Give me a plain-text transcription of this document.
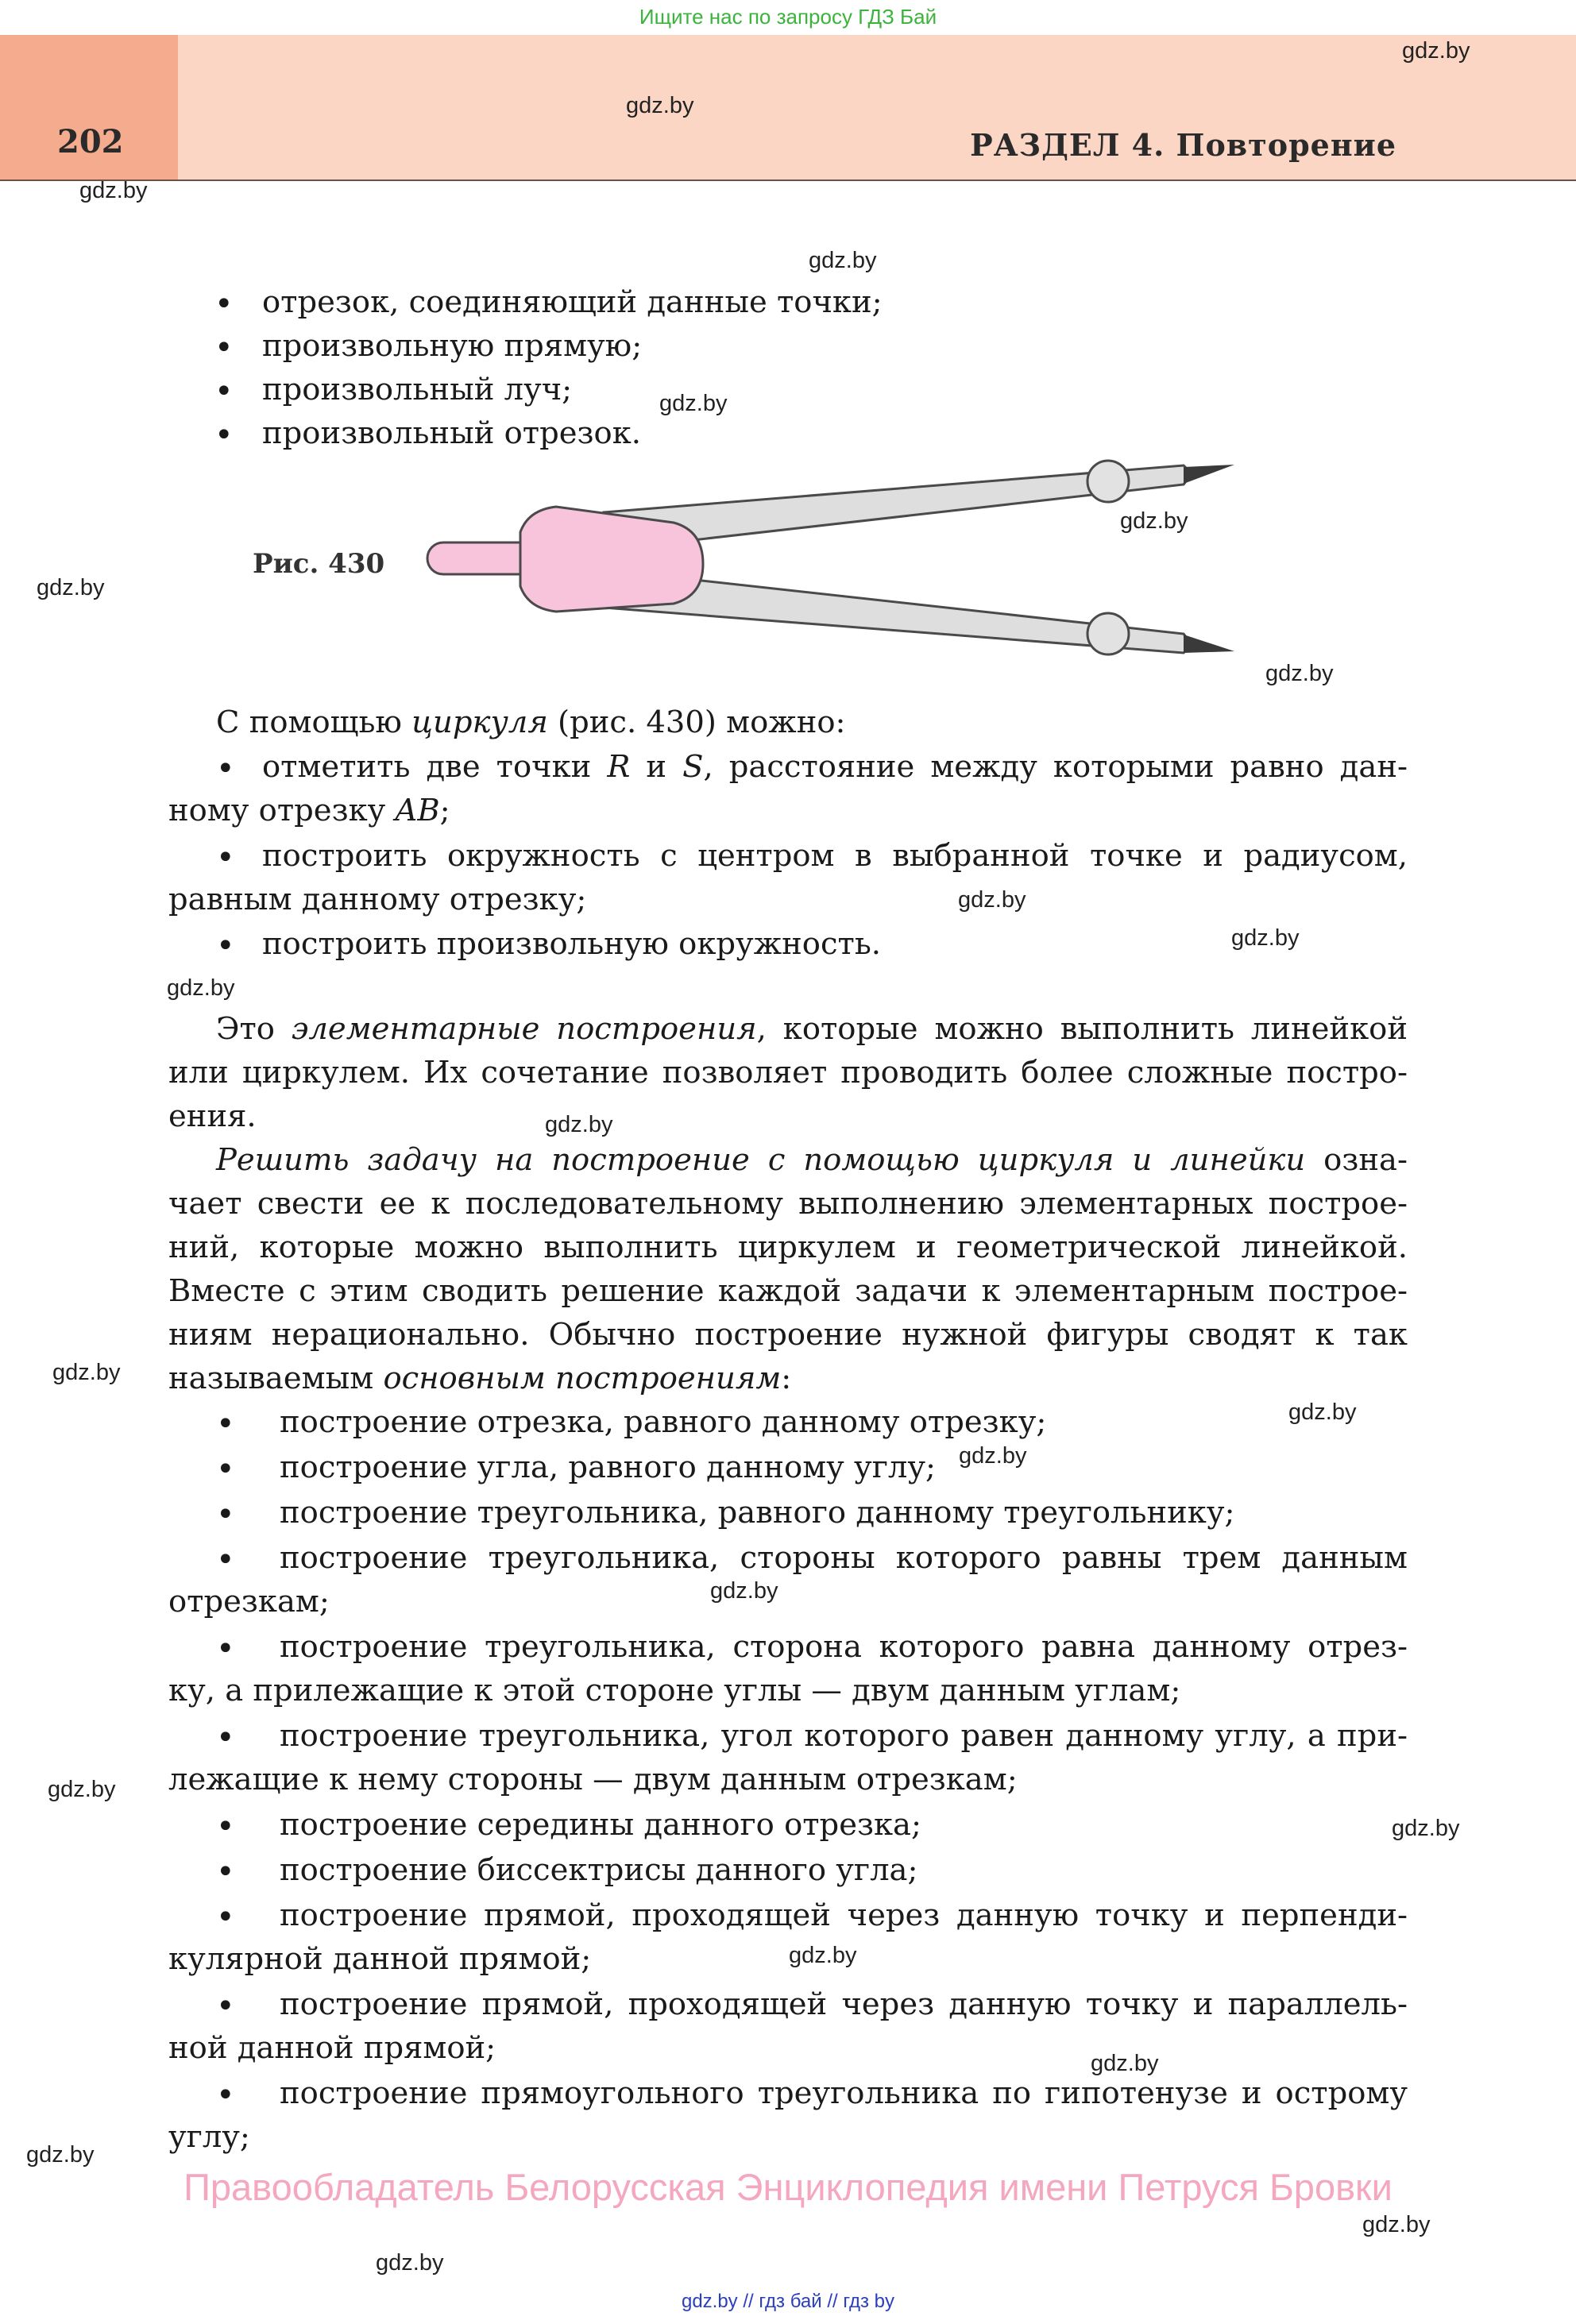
Ищите нас по запросу ГДЗ Бай
202	РАЗДЕЛ 4. Повторение
• отрезок, соединяющий данные точки;
• произвольную прямую;
• произвольный луч;
• произвольный отрезок.
Рис. 430
С помощью циркуля (рис. 430) можно:
• отметить две точки R и S, расстояние между которыми равно дан-
ному отрезку AB;
• построить окружность с центром в выбранной точке и радиусом,
равным данному отрезку;
• построить произвольную окружность.
Это элементарные построения, которые можно выполнить линейкой
или циркулем. Их сочетание позволяет проводить более сложные постро-
ения.
Решить задачу на построение с помощью циркуля и линейки озна-
чает свести ее к последовательному выполнению элементарных построе-
ний, которые можно выполнить циркулем и геометрической линейкой.
Вместе с этим сводить решение каждой задачи к элементарным построе-
ниям нерационально. Обычно построение нужной фигуры сводят к так
называемым основным построениям:
• построение отрезка, равного данному отрезку;
• построение угла, равного данному углу;
• построение треугольника, равного данному треугольнику;
• построение треугольника, стороны которого равны трем данным
отрезкам;
• построение треугольника, сторона которого равна данному отрез-
ку, а прилежащие к этой стороне углы — двум данным углам;
• построение треугольника, угол которого равен данному углу, а при-
лежащие к нему стороны — двум данным отрезкам;
• построение середины данного отрезка;
• построение биссектрисы данного угла;
• построение прямой, проходящей через данную точку и перпенди-
кулярной данной прямой;
• построение прямой, проходящей через данную точку и параллель-
ной данной прямой;
• построение прямоугольного треугольника по гипотенузе и острому
углу;
Правообладатель Белорусская Энциклопедия имени Петруся Бровки
gdz.by // гдз бай // гдз by
gdz.by
gdz.by
gdz.by
gdz.by
gdz.by
gdz.by
gdz.by
gdz.by
gdz.by
gdz.by
gdz.by
gdz.by
gdz.by
gdz.by
gdz.by
gdz.by
gdz.by
gdz.by
gdz.by
gdz.by
gdz.by
gdz.by
gdz.by
